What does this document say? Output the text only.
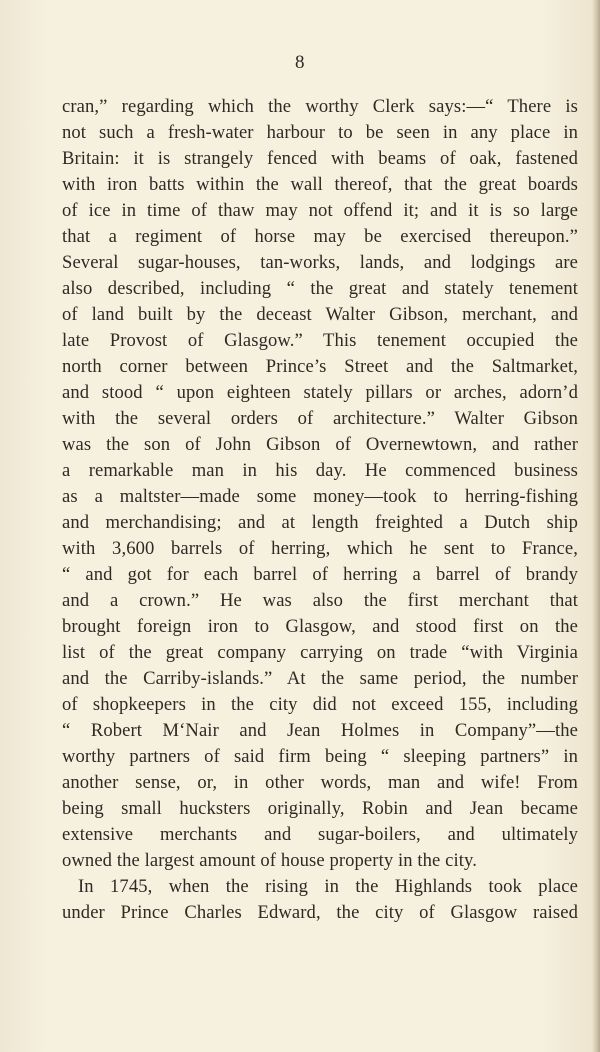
8
cran,” regarding which the worthy Clerk says:—“ There is
not such a fresh-water harbour to be seen in any place in
Britain: it is strangely fenced with beams of oak, fastened
with iron batts within the wall thereof, that the great boards
of ice in time of thaw may not offend it; and it is so large
that a regiment of horse may be exercised thereupon.”
Several sugar-houses, tan-works, lands, and lodgings are
also described, including “ the great and stately tenement
of land built by the deceast Walter Gibson, merchant, and
late Provost of Glasgow.” This tenement occupied the
north corner between Prince’s Street and the Saltmarket,
and stood “ upon eighteen stately pillars or arches, adorn’d
with the several orders of architecture.” Walter Gibson
was the son of John Gibson of Overnewtown, and rather
a remarkable man in his day. He commenced business
as a maltster—made some money—took to herring-fishing
and merchandising; and at length freighted a Dutch ship
with 3,600 barrels of herring, which he sent to France,
“ and got for each barrel of herring a barrel of brandy
and a crown.” He was also the first merchant that
brought foreign iron to Glasgow, and stood first on the
list of the great company carrying on trade “with Virginia
and the Carriby-islands.” At the same period, the number
of shopkeepers in the city did not exceed 155, including
“ Robert M‘Nair and Jean Holmes in Company”—the
worthy partners of said firm being “ sleeping partners” in
another sense, or, in other words, man and wife! From
being small hucksters originally, Robin and Jean became
extensive merchants and sugar-boilers, and ultimately
owned the largest amount of house property in the city.
In 1745, when the rising in the Highlands took place
under Prince Charles Edward, the city of Glasgow raised
